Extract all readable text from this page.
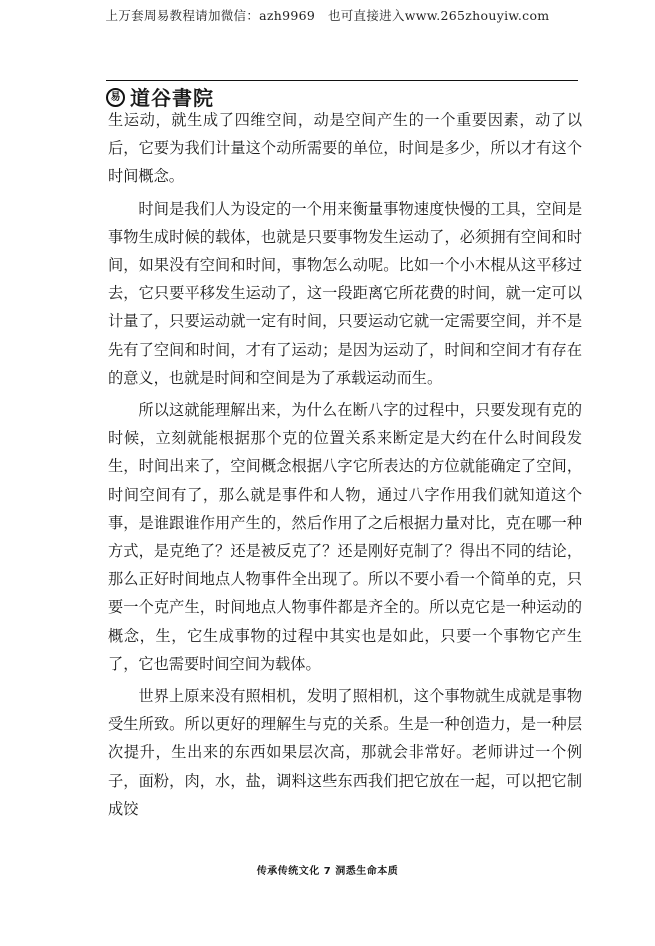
上万套周易教程请加微信：azh9969　也可直接进入www.265zhouyiw.com
易 道谷書院

生运动，就生成了四维空间，动是空间产生的一个重要因素，动了以后，它要为我们计量这个动所需要的单位，时间是多少，所以才有这个时间概念。

时间是我们人为设定的一个用来衡量事物速度快慢的工具，空间是事物生成时候的载体，也就是只要事物发生运动了，必须拥有空间和时间，如果没有空间和时间，事物怎么动呢。比如一个小木棍从这平移过去，它只要平移发生运动了，这一段距离它所花费的时间，就一定可以计量了，只要运动就一定有时间，只要运动它就一定需要空间，并不是先有了空间和时间，才有了运动；是因为运动了，时间和空间才有存在的意义，也就是时间和空间是为了承载运动而生。

所以这就能理解出来，为什么在断八字的过程中，只要发现有克的时候，立刻就能根据那个克的位置关系来断定是大约在什么时间段发生，时间出来了，空间概念根据八字它所表达的方位就能确定了空间，时间空间有了，那么就是事件和人物，通过八字作用我们就知道这个事，是谁跟谁作用产生的，然后作用了之后根据力量对比，克在哪一种方式，是克绝了？还是被反克了？还是刚好克制了？得出不同的结论，那么正好时间地点人物事件全出现了。所以不要小看一个简单的克，只要一个克产生，时间地点人物事件都是齐全的。所以克它是一种运动的概念，生，它生成事物的过程中其实也是如此，只要一个事物它产生了，它也需要时间空间为载体。

世界上原来没有照相机，发明了照相机，这个事物就生成就是事物受生所致。所以更好的理解生与克的关系。生是一种创造力，是一种层次提升，生出来的东西如果层次高，那就会非常好。老师讲过一个例子，面粉，肉，水，盐，调料这些东西我们把它放在一起，可以把它制成饺

传承传统文化 7 洞悉生命本质
